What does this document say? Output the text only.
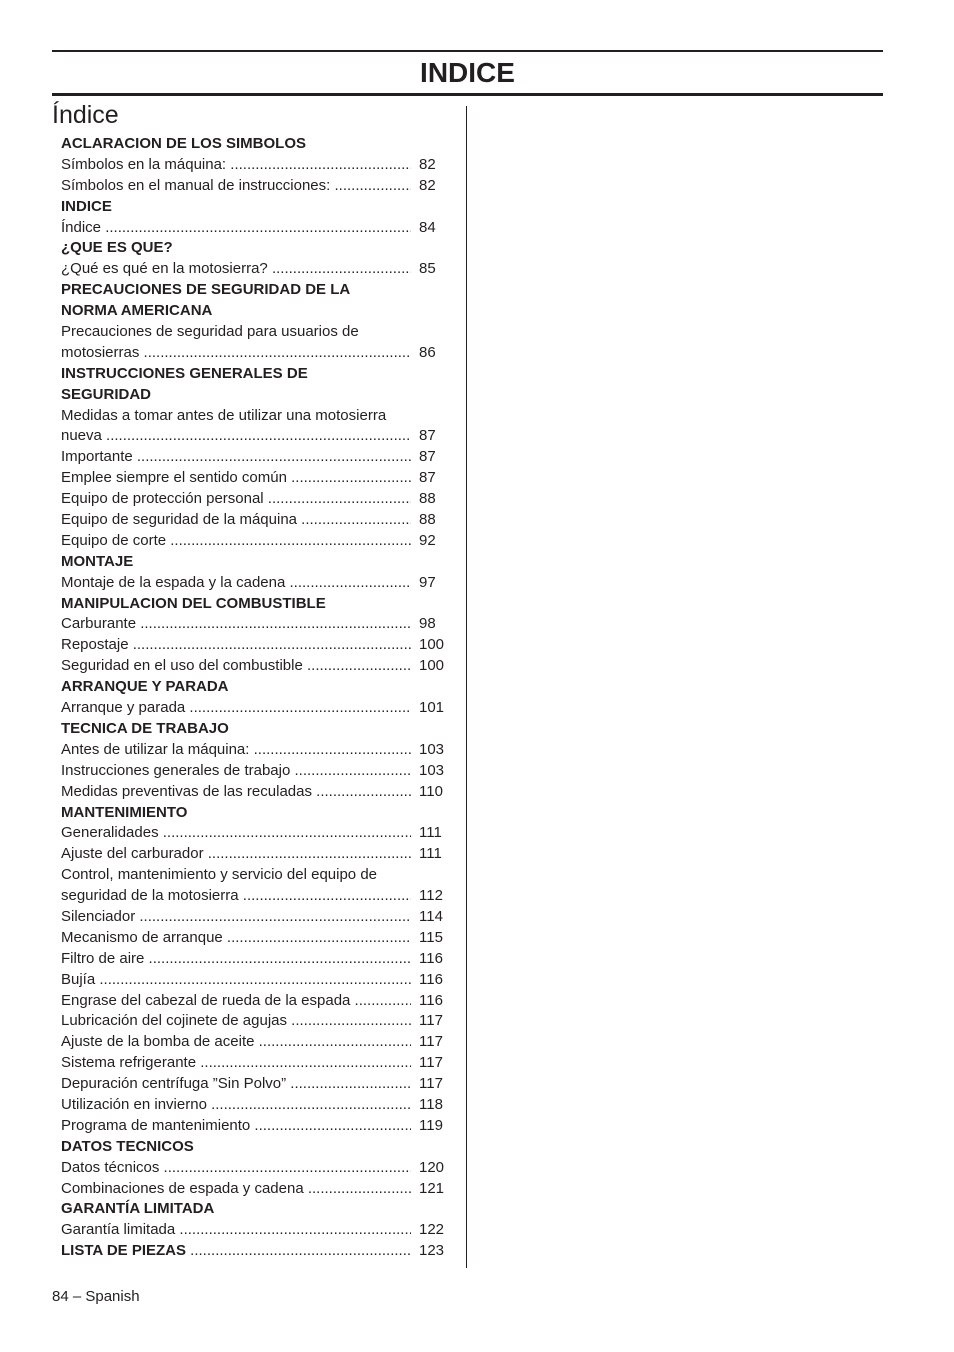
INDICE
Índice
ACLARACION DE LOS SIMBOLOS
Símbolos en la máquina: .....	82
Símbolos en el manual de instrucciones: .....	82
INDICE
Índice .....	84
¿QUE ES QUE?
¿Qué es qué en la motosierra? .....	85
PRECAUCIONES DE SEGURIDAD DE LA
NORMA AMERICANA
Precauciones de seguridad para usuarios de
motosierras .....	86
INSTRUCCIONES GENERALES DE
SEGURIDAD
Medidas a tomar antes de utilizar una motosierra
nueva .....	87
Importante .....	87
Emplee siempre el sentido común .....	87
Equipo de protección personal .....	88
Equipo de seguridad de la máquina .....	88
Equipo de corte .....	92
MONTAJE
Montaje de la espada y la cadena .....	97
MANIPULACION DEL COMBUSTIBLE
Carburante .....	98
Repostaje .....	100
Seguridad en el uso del combustible .....	100
ARRANQUE Y PARADA
Arranque y parada .....	101
TECNICA DE TRABAJO
Antes de utilizar la máquina: .....	103
Instrucciones generales de trabajo .....	103
Medidas preventivas de las reculadas .....	110
MANTENIMIENTO
Generalidades .....	111
Ajuste del carburador .....	111
Control, mantenimiento y servicio del equipo de
seguridad de la motosierra .....	112
Silenciador .....	114
Mecanismo de arranque .....	115
Filtro de aire .....	116
Bujía .....	116
Engrase del cabezal de rueda de la espada .....	116
Lubricación del cojinete de agujas .....	117
Ajuste de la bomba de aceite .....	117
Sistema refrigerante .....	117
Depuración centrífuga ”Sin Polvo” .....	117
Utilización en invierno .....	118
Programa de mantenimiento .....	119
DATOS TECNICOS
Datos técnicos .....	120
Combinaciones de espada y cadena .....	121
GARANTÍA LIMITADA
Garantía limitada .....	122
LISTA DE PIEZAS .....	123
84 – Spanish
